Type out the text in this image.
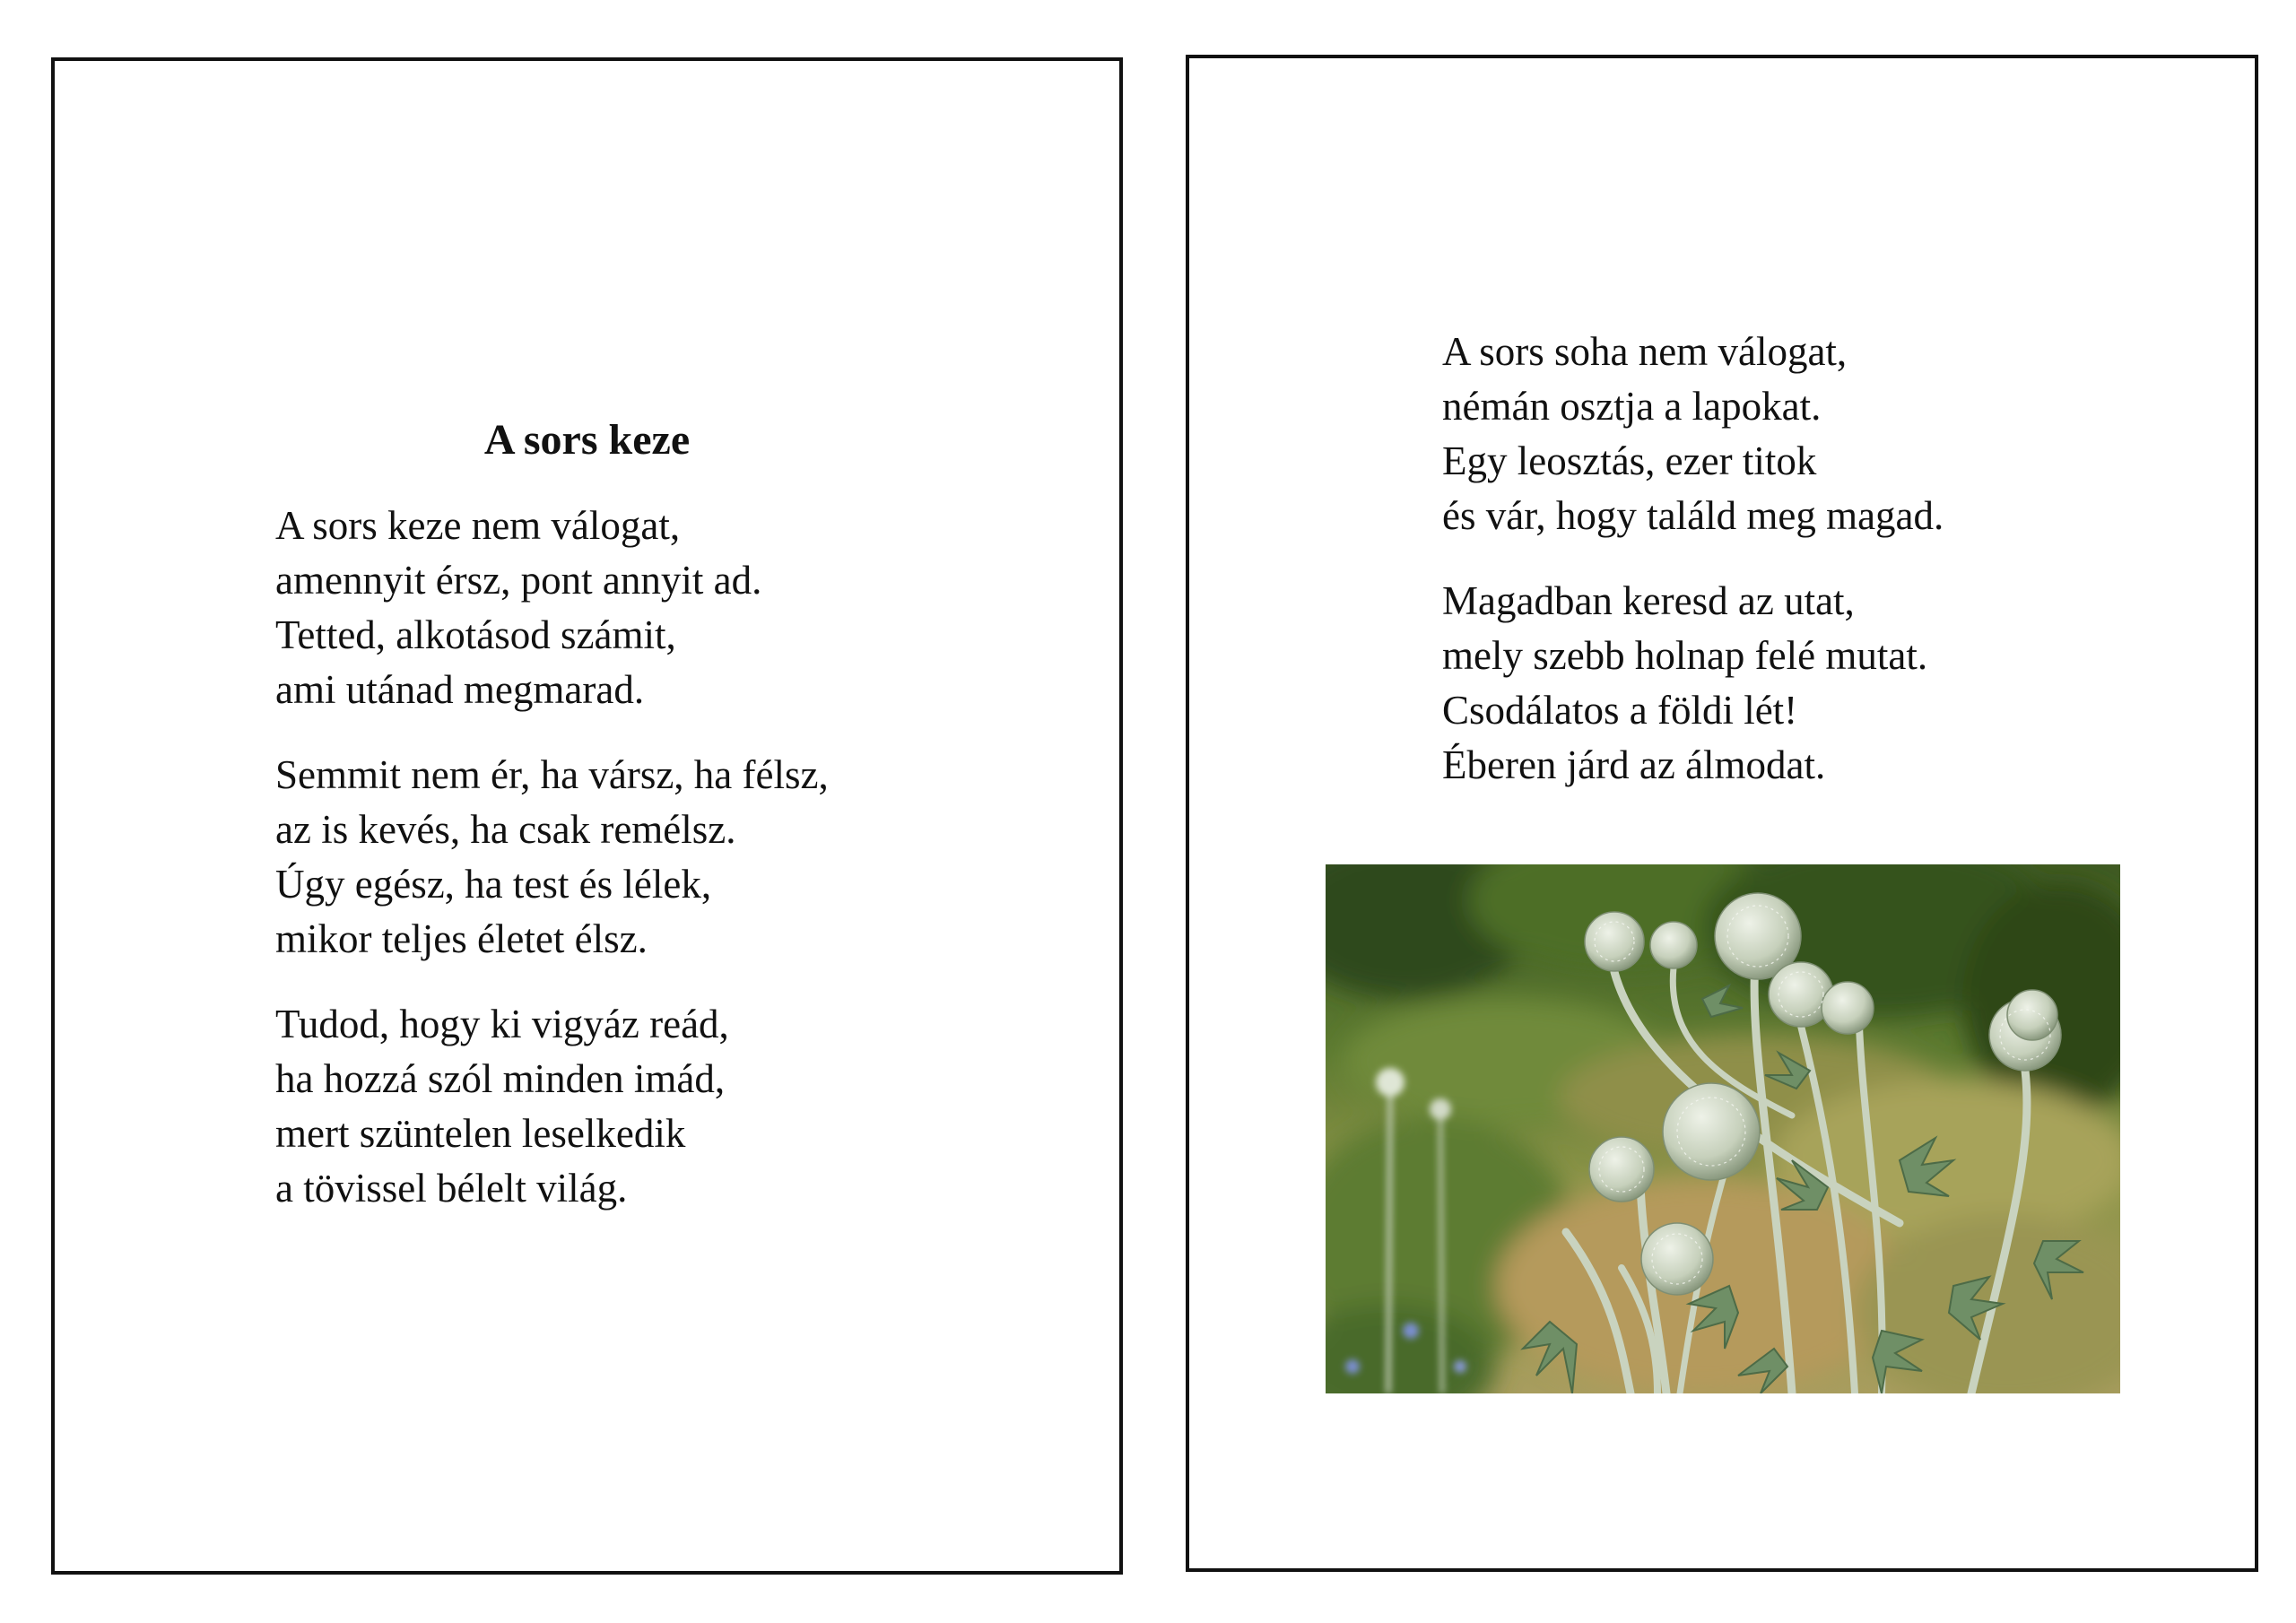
A sors keze
A sors keze nem válogat,
amennyit érsz, pont annyit ad.
Tetted, alkotásod számit,
ami utánad megmarad.
Semmit nem ér, ha vársz, ha félsz,
az is kevés, ha csak remélsz.
Úgy egész, ha test és lélek,
mikor teljes életet élsz.
Tudod, hogy ki vigyáz reád,
ha hozzá szól minden imád,
mert szüntelen leselkedik
a tövissel bélelt világ.
A sors soha nem válogat,
némán osztja a lapokat.
Egy leosztás, ezer titok
és vár, hogy találd meg magad.
Magadban keresd az utat,
mely szebb holnap felé mutat.
Csodálatos a földi lét!
Éberen járd az álmodat.
